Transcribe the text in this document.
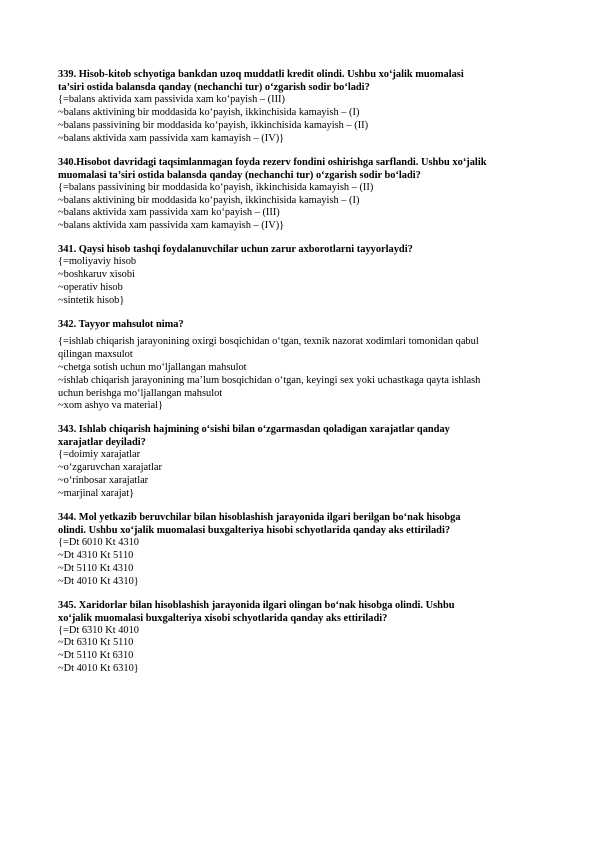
339. Hisob-kitob schyotiga bankdan uzoq muddatli kredit olindi. Ushbu xo‘jalik muomalasi
ta’siri ostida balansda qanday (nechanchi tur) o‘zgarish sodir bo‘ladi?

{=balans aktivida xam passivida xam ko‘payish – (III)

~balans aktivining bir moddasida ko‘payish, ikkinchisida kamayish – (I)

~balans passivining bir moddasida ko‘payish, ikkinchisida kamayish – (II)

~balans aktivida xam passivida xam kamayish – (IV)}

340.Hisobot davridagi taqsimlanmagan foyda rezerv fondini oshirishga sarflandi. Ushbu xo‘jalik
muomalasi ta’siri ostida balansda qanday (nechanchi tur) o‘zgarish sodir bo‘ladi?

{=balans passivining bir moddasida ko‘payish, ikkinchisida kamayish – (II)

~balans aktivining bir moddasida ko‘payish, ikkinchisida kamayish – (I)

~balans aktivida xam passivida xam ko‘payish – (III)

~balans aktivida xam passivida xam kamayish – (IV)}

341. Qaysi hisob tashqi foydalanuvchilar uchun zarur axborotlarni tayyorlaydi?

{=moliyaviy hisob

~boshkaruv xisobi

~operativ hisob

~sintetik hisob}

342. Tayyor mahsulot nima?

{=ishlab chiqarish jarayonining oxirgi bosqichidan o‘tgan, texnik nazorat xodimlari tomonidan qabul
qilingan maxsulot

~chetga sotish uchun mo‘ljallangan mahsulot

~ishlab chiqarish jarayonining ma’lum bosqichidan o‘tgan, keyingi sex yoki uchastkaga qayta ishlash
uchun berishga mo‘ljallangan mahsulot

~xom ashyo va material}

343. Ishlab chiqarish hajmining o‘sishi bilan o‘zgarmasdan qoladigan xarajatlar qanday
xarajatlar deyiladi?

{=doimiy xarajatlar

~o‘zgaruvchan xarajatlar

~o‘rinbosar xarajatlar

~marjinal xarajat}

344. Mol yetkazib beruvchilar bilan hisoblashish jarayonida ilgari berilgan bo‘nak hisobga
olindi. Ushbu xo‘jalik muomalasi buxgalteriya hisobi schyotlarida qanday aks ettiriladi?

{=Dt 6010 Kt 4310

~Dt 4310 Kt 5110

~Dt 5110 Kt 4310

~Dt 4010 Kt 4310}

345. Xaridorlar bilan hisoblashish jarayonida ilgari olingan bo‘nak hisobga olindi. Ushbu
xo‘jalik muomalasi buxgalteriya xisobi schyotlarida qanday aks ettiriladi?

{=Dt 6310 Kt 4010

~Dt 6310 Kt 5110

~Dt 5110 Kt 6310

~Dt 4010 Kt 6310}
